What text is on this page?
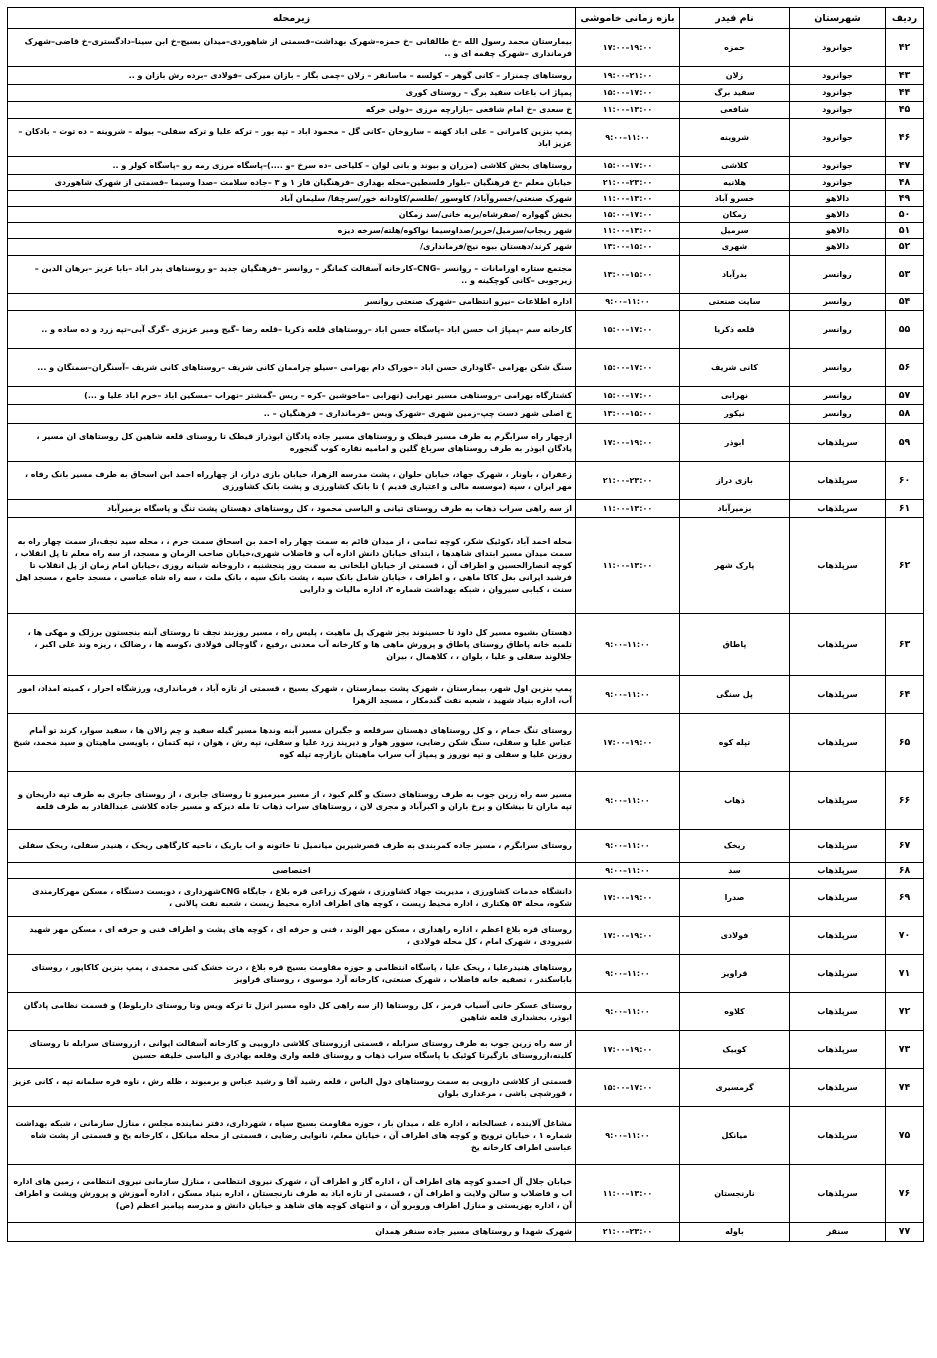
ردیف	شهرستان	نام فیدر	بازه زمانی خاموشی	زیرمحله
۴۲	جوانرود	حمزه	۱۷:۰۰–۱۹:۰۰	بیمارستان محمد رسول الله –خ طالقانی –خ حمزه–شهرک بهداشت–قسمتی از شاهوردی–میدان بسیج–خ ابن سینا–دادگستری–خ قاضی–شهرک فرمانداری –شهرک چقمه ای و ..
۴۳	جوانرود	زلان	۱۹:۰۰–۲۱:۰۰	روستاهای چمنزار – کانی گوهر – کولسه – ماسانفر – زلان –چمی بگار – بازان میرکی –فولادی –برده رش بازان و ..
۴۴	جوانرود	سفید برگ	۱۵:۰۰–۱۷:۰۰	پمپاژ اب باغات سفید برگ – روستای کوری
۴۵	جوانرود	شافعی	۱۱:۰۰–۱۳:۰۰	خ سعدی –خ امام شافعی –بازارچه مرزی –دولی خرکه
۴۶	جوانرود	شروینه	۹:۰۰–۱۱:۰۰	پمپ بنزین کامرانی – علی اباد کهنه – ساروخان –کانی گل – محمود اباد – تپه بور – ترکه علیا و ترکه سفلی– بیوله – شروینه – ده توت – بادکان –عزیز اباد
۴۷	جوانرود	کلاشی	۱۵:۰۰–۱۷:۰۰	روستاهای بخش کلاشی (مزران و بیوند و بانی لوان – کلیاخی –ده سرخ –و ....)–پاسگاه مرزی رمه رو –پاسگاه کولر و ..
۴۸	جوانرود	هلانیه	۲۱:۰۰–۲۳:۰۰	خیابان معلم –خ فرهنگیان –بلوار فلسطین–محله بهداری –فرهنگیان فاز ۱ و ۳ –جاده سلامت –صدا وسیما –قسمتی از شهرک شاهوردی
۴۹	دالاهو	خسرو آباد	۱۱:۰۰–۱۳:۰۰	شهرک صنعتی/خسروآباد/ کاوسور /طلسم/کاودانه خور/سرچقا/ سلیمان آباد
۵۰	دالاهو	زمکان	۱۵:۰۰–۱۷:۰۰	بخش گهواره /صفرشاه/بریه خانی/سد زمکان
۵۱	دالاهو	سرمیل	۱۱:۰۰–۱۳:۰۰	شهر ریجاب/سرمیل/حریر/صداوسیما نواکوه/هلته/سرخه دیزه
۵۲	دالاهو	شهری	۱۳:۰۰–۱۵:۰۰	شهر کرند/دهستان بیوه نیج/فرمانداری/
۵۳	روانسر	بدرآباد	۱۳:۰۰–۱۵:۰۰	مجتمع ستاره اورامانات – روانسر –CNG–کارخانه آسفالت کمانگر – روانسر –فرهنگیان جدید –و روستاهای بدر اباد –بابا عزیز –برهان الدین –زیرجوبی –کانی کوچکینه و ..
۵۴	روانسر	سایت صنعتی	۹:۰۰–۱۱:۰۰	اداره اطلاعات –نیرو انتظامی –شهرک صنعتی روانسر
۵۵	روانسر	قلعه ذکریا	۱۵:۰۰–۱۷:۰۰	کارخانه سم –پمپاژ اب حسن اباد –پاسگاه حسن اباد –روستاهای قلعه ذکریا –قلعه رضا –گیج ومیر عزیزی –گرگ آبی–تپه زرد و ده ساده و ..
۵۶	روانسر	کانی شریف	۱۵:۰۰–۱۷:۰۰	سنگ شکن بهرامی –گاوداری حسن اباد –خوراک دام بهرامی –سیلو چراممان کانی شریف –روستاهای کانی شریف –آسنگران–سمنگان و ...
۵۷	روانسر	نهرابی	۱۵:۰۰–۱۷:۰۰	کشتارگاه بهرامی –روستاهی مسیر نهرابی (نهرابی –ماخوشین –کره – ریس –گمشتر –نهراب –مسکین اباد –خرم اباد علیا و ...)
۵۸	روانسر	نیکور	۱۳:۰۰–۱۵:۰۰	خ اصلی شهر دست چپ–زمین شهری –شهرک ویس –فرمانداری – فرهنگیان – ..
۵۹	سرپلذهاب	ابوذر	۱۷:۰۰–۱۹:۰۰	ازچهار راه سرابگرم به طرف مسیر قیطک و روستاهای مسیر جاده پادگان ابوذراز قیطک تا روستای قلعه شاهین کل روستاهای ان مسیر ، پادگان ابوذر به طرف روستاهای سرباغ گلین و امامیه نقاره کوب گنجوره
۶۰	سرپلذهاب	بازی دراز	۲۱:۰۰–۲۳:۰۰	زعفران ، باونار ، شهرک جهاد، خیابان حلوان ، پشت مدرسه الزهرا، خیابان بازی دراز، از چهارراه احمد ابن اسحاق به طرف مسیر بانک رفاه ، مهر ایران ، سپه (موسسه مالی و اعتباری قدیم ) تا بانک کشاورزی و پشت بانک کشاورزی
۶۱	سرپلذهاب	بزمیرآباد	۱۱:۰۰–۱۳:۰۰	از سه راهی سراب ذهاب به طرف روستای تیانی و الیاسی محمود ، کل روستاهای دهستان پشت تنگ و پاسگاه بزمیرآباد
۶۲	سرپلذهاب	پارک شهر	۱۱:۰۰–۱۳:۰۰	محله احمد آباد ،کوئیک شکر، کوچه تمامی ، از میدان قائم به سمت چهار راه احمد بن اسحاق سمت حرم ، ، محله سید نجف،از سمت چهار راه به سمت میدان مسیر ابتدای شاهدها ، ابتدای خیابان دانش اداره آب و فاضلاب شهری،خیابان صاحب الزمان و مسجد، از سه راه معلم تا پل انقلاب ، کوچه انصارالحسین و اطراف آن ، قسمتی از خیابان ابلخانی به سمت روز پنجشنبه ، داروخانه شبانه روزی ،خیابان امام زمان از پل انقلاب تا فرشید ایرانی بغل کاکا ماهی ، و اطراف ، خیابان شامل بانک سپه ، پشت بانک سپه ، بانک ملت ، سه راه شاه عباسی ، مسجد جامع ، مسجد اهل سنت ، کبابی سیروان ، شبکه بهداشت شماره ۲، اداره مالیات و دارایی
۶۳	سرپلذهاب	پاطاق	۹:۰۰–۱۱:۰۰	دهستان بشیوه مسیر کل داود تا حسینوند بجز شهرک پل ماهیت ، پلیس راه ، مسیر روزبند نجف تا روستای آبنه بنجستون برزلک و مهکی ها ، تلمبه خانه پاطاق روستای پاطاق و پرورش ماهی ها و کارخانه آب معدنی ،رفیع ، گاوچالی فولادی ،کوسه ها ، رضالک ، ریزه وند علی اکبر ، جلالوند سفلی و علیا ، بلوان ، ، کلاهمال ، بیران
۶۴	سرپلذهاب	پل سنگی	۹:۰۰–۱۱:۰۰	پمپ بنزین اول شهر، بیمارستان ، شهرک پشت بیمارستان ، شهرک بسیج ، قسمتی از تازه آباد ، فرمانداری، ورزشگاه احرار ، کمیته امداد، امور آب، اداره بنیاد شهید ، شعبه نفت گندمکار ، مسجد الزهرا
۶۵	سرپلذهاب	تپله کوه	۱۷:۰۰–۱۹:۰۰	روستای تنگ حمام ، و کل روستاهای دهستان سرقلعه و جگیران مسیر آبنه وندها مسیر گیله سفید و چم زالان ها ، سفید سوار، کرند تو آمام عباس علیا و سفلی، سنگ شکن رضایی، سوور هوار و دیرپند زرد علیا و سفلی، تپه رش ، هوان ، تپه کتمان ، باویسی ماهیتان و سید محمد، شیخ روزبن علیا و سفلی و تپه نوروز و پمپاژ آب سراب ماهیتان بازارچه تپله کوه
۶۶	سرپلذهاب	ذهاب	۹:۰۰–۱۱:۰۰	مسیر سه راه زرین جوب به طرف روستاهای دستک و گلم کبود ، از مسیر میرمیرو تا روستای جابری ، از روستای جابری به طرف تپه داریخان و تپه ماران تا بیشکان و برخ باران و اکبرآباد و مجری لان ، روستاهای سراب ذهاب تا مله دیزکه و مسیر جاده کلاشی عبدالقادر به طرف قلعه
۶۷	سرپلذهاب	ریخک	۹:۰۰–۱۱:۰۰	روستای سرابگرم ، مسیر جاده کمربندی به طرف قصرشیرین میانمیل تا خاتونه و اب باریک ، ناحیه کارگاهی ریخک ، هنیدر سفلی، ریخک سفلی
۶۸	سرپلذهاب	سد	۹:۰۰–۱۱:۰۰	اختصاصی
۶۹	سرپلذهاب	صدرا	۱۷:۰۰–۱۹:۰۰	دانشگاه خدمات کشاورزی ، مدیریت جهاد کشاورزی ، شهرک زراعی قره بلاغ ، جایگاه CNGشهرداری ، دوبست دستگاه ، مسکن مهرکارمندی شکوه، محله ۵۴ هکتاری ، اداره محیط زیست ، کوچه های اطراف اداره محیط زیست ، شعبه نفت پالانی ،
۷۰	سرپلذهاب	فولادی	۱۷:۰۰–۱۹:۰۰	روستای قره بلاغ اعظم ، اداره راهداری ، مسکن مهر الوند ، فنی و حرفه ای ، کوچه های پشت و اطراف فنی و حرفه ای ، مسکن مهر شهید شیرودی ، شهرک امام ، کل محله فولادی ،
۷۱	سرپلذهاب	قراویز	۹:۰۰–۱۱:۰۰	روستاهای هنیدرعلیا ، ریخک علیا ، پاسگاه انتظامی و حوزه مقاومت بسیج قره بلاغ ، درت خشک کنی محمدی ، پمپ بنزین کاکاپور ، روستای باباسکندر ، تصفیه خانه فاضلاب ، شهرک صنعتی، کارخانه آرد موسوی ، روستای قراویز
۷۲	سرپلذهاب	کلاوه	۹:۰۰–۱۱:۰۰	روستای عسکر خانی آسیاب قرمز ، کل روستاها (از سه راهی کل داوه مسیر انزل تا ترکه ویس وتا روستای داربلوط) و قسمت نظامی پادگان ابوذر، بخشداری قلعه شاهین
۷۳	سرپلذهاب	کوییک	۱۷:۰۰–۱۹:۰۰	از سه راه زرین جوب به طرف روستای سرابله ، قسمتی ازروستای کلاشی داروییی و کارخانه آسفالت ایوانی ، ازروستای سرابله تا روستای کلینه،ازروستای بازگیرتا کوئیک با پاسگاه سراب ذهاب و روستای قلعه واری وقلعه بهادری و الیاسی خلیفه حسین
۷۴	سرپلذهاب	گرمسیری	۱۵:۰۰–۱۷:۰۰	قسمتی از کلاشی دارویی به سمت روستاهای دول الیاس ، قلعه رشید آقا و رشید عباس و برمبوند ، ظله رش ، ناوه قره سلمانه تپه ، کانی عزیز ، قورشچی باشی ، مرغداری بلوان
۷۵	سرپلذهاب	میانکل	۹:۰۰–۱۱:۰۰	مشاغل آلاینده ، غسالخانه ، اداره غله ، میدان بار ، حوزه مقاومت بسیج سپاه ، شهرداری، دفتر نماینده مجلس ، منازل سازمانی ، شبکه بهداشت شماره ۱ ، خیابان ترویج و کوچه های اطراف آن ، خیابان معلم، نانوایی رضایی ، قسمتی از محله میانکل ، کارخانه یخ و قسمتی از پشت شاه عباسی اطراف کارخانه یخ
۷۶	سرپلذهاب	نارنجستان	۱۱:۰۰–۱۳:۰۰	خیابان جلال آل احمدو کوچه های اطراف آن ، اداره گاز و اطراف آن ، شهرک نیروی انتظامی ، منازل سازمانی نیروی انتظامی ، زمین های اداره اب و فاضلاب و سالن ولایت و اطراف آن ، قسمتی از تازه اباد به طرف نارنجستان ، اداره بنیاد مسکن ، اداره آموزش و پرورش وپشت و اطراف آن ، اداره بهزیستی و منازل اطراف وروبرو آن ، و انتهای کوچه های شاهد و خیابان دانش و مدرسه پیامبر اعظم (ص)
۷۷	سنقر	باوله	۲۱:۰۰–۲۳:۰۰	شهرک شهدا و روستاهای مسیر جاده سنقر همدان
